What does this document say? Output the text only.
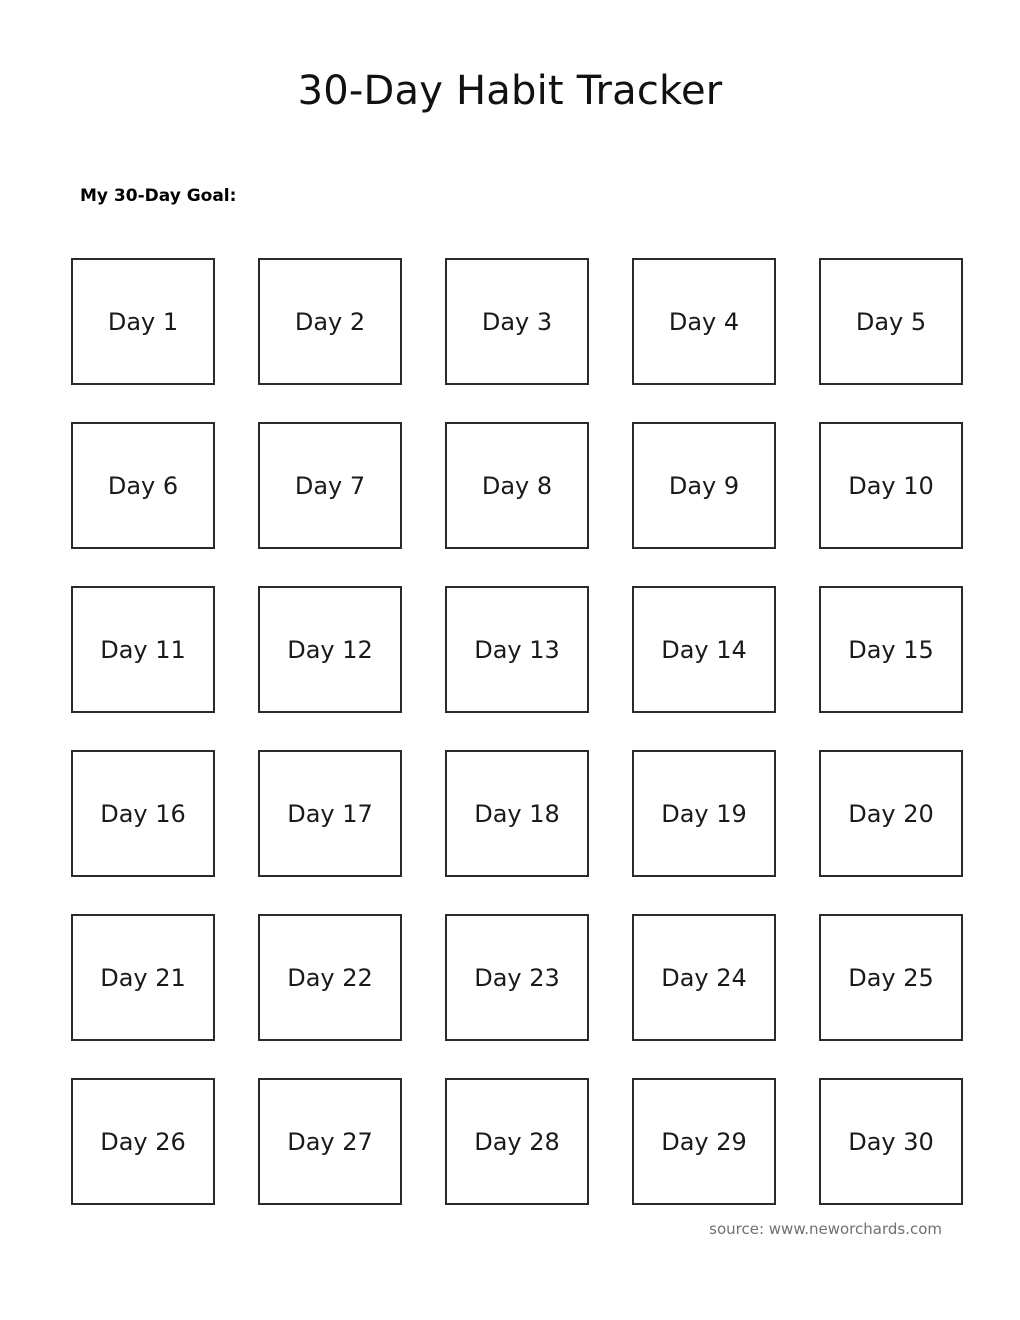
30-Day Habit Tracker
My 30-Day Goal:
Day 1	Day 2	Day 3	Day 4	Day 5
Day 6	Day 7	Day 8	Day 9	Day 10
Day 11	Day 12	Day 13	Day 14	Day 15
Day 16	Day 17	Day 18	Day 19	Day 20
Day 21	Day 22	Day 23	Day 24	Day 25
Day 26	Day 27	Day 28	Day 29	Day 30
source: www.neworchards.com
